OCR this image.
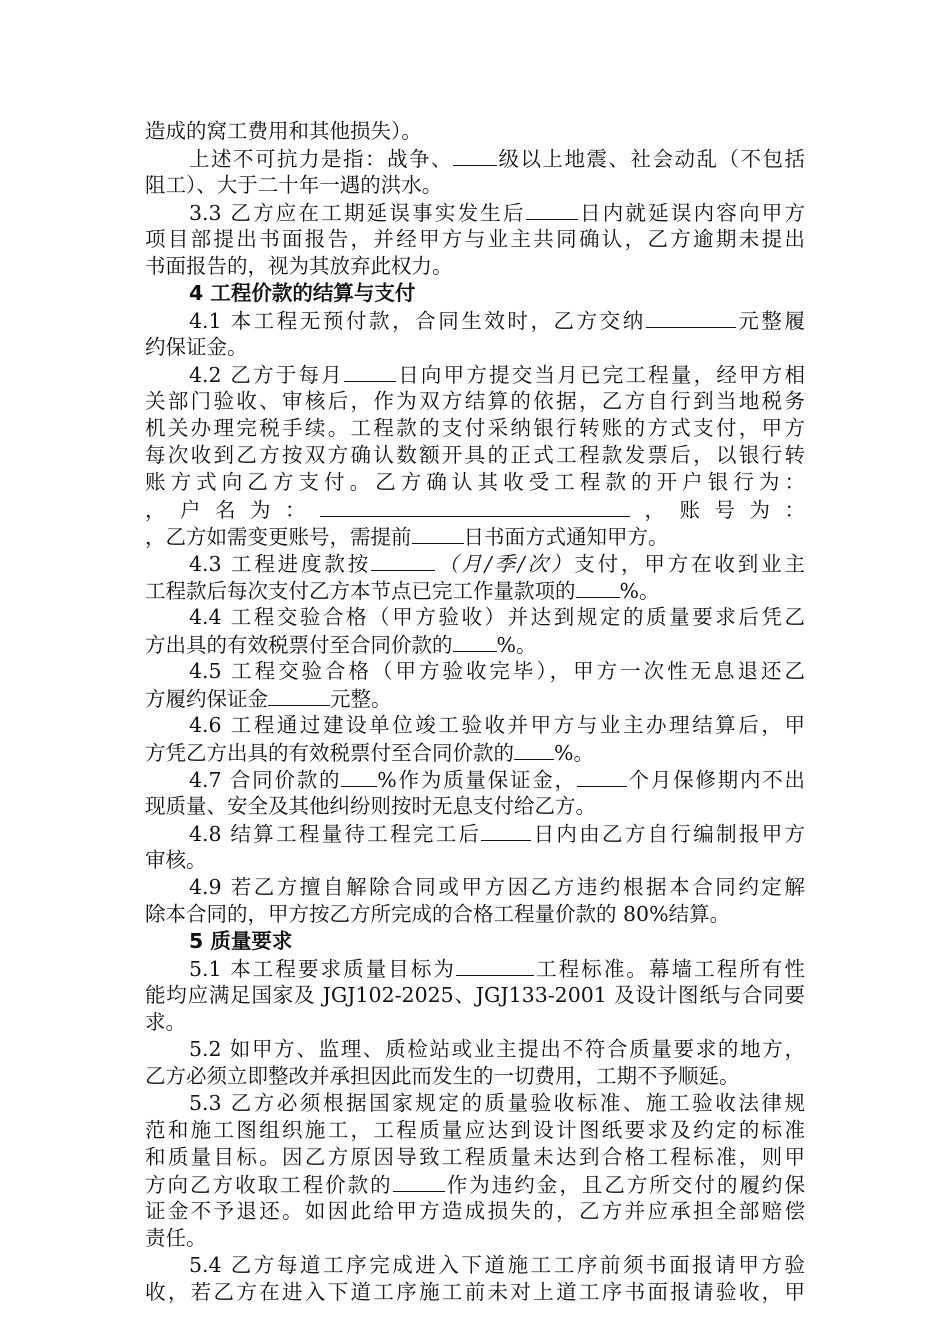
造成的窝工费用和其他损失）。
上述不可抗力是指：战争、 级以上地震、社会动乱（不包括
阻工）、大于二十年一遇的洪水。
3.3 乙方应在工期延误事实发生后	日内就延误内容向甲方
项目部提出书面报告，并经甲方与业主共同确认，乙方逾期未提出
书面报告的，视为其放弃此权力。
4 工程价款的结算与支付
4.1 本工程无预付款，合同生效时，乙方交纳	元整履
约保证金。
4.2 乙方于每月	日向甲方提交当月已完工程量，经甲方相
关部门验收、审核后，作为双方结算的依据，乙方自行到当地税务
机关办理完税手续。工程款的支付采纳银行转账的方式支付，甲方
每次收到乙方按双方确认数额开具的正式工程款发票后，以银行转
账方式向乙方支付。乙方确认其收受工程款的开户银行为：
，户名为：	，账号为：
，乙方如需变更账号，需提前	日书面方式通知甲方。
4.3 工程进度款按	（月/季/次）支付，甲方在收到业主
工程款后每次支付乙方本节点已完工作量款项的 %。
4.4 工程交验合格（甲方验收）并达到规定的质量要求后凭乙
方出具的有效税票付至合同价款的 %。
4.5 工程交验合格（甲方验收完毕），甲方一次性无息退还乙
方履约保证金	元整。
4.6 工程通过建设单位竣工验收并甲方与业主办理结算后，甲
方凭乙方出具的有效税票付至合同价款的 %。
4.7 合同价款的 %作为质量保证金， 个月保修期内不出
现质量、安全及其他纠纷则按时无息支付给乙方。
4.8 结算工程量待工程完工后 日内由乙方自行编制报甲方
审核。
4.9 若乙方擅自解除合同或甲方因乙方违约根据本合同约定解
除本合同的，甲方按乙方所完成的合格工程量价款的 80%结算。
5 质量要求
5.1 本工程要求质量目标为	工程标准。幕墙工程所有性
能均应满足国家及 JGJ102-2025、JGJ133-2001 及设计图纸与合同要
求。
5.2 如甲方、监理、质检站或业主提出不符合质量要求的地方，
乙方必须立即整改并承担因此而发生的一切费用，工期不予顺延。
5.3 乙方必须根据国家规定的质量验收标准、施工验收法律规
范和施工图组织施工，工程质量应达到设计图纸要求及约定的标准
和质量目标。因乙方原因导致工程质量未达到合格工程标准，则甲
方向乙方收取工程价款的	作为违约金，且乙方所交付的履约保
证金不予退还。如因此给甲方造成损失的，乙方并应承担全部赔偿
责任。
5.4 乙方每道工序完成进入下道施工工序前须书面报请甲方验
收，若乙方在进入下道工序施工前未对上道工序书面报请验收，甲
